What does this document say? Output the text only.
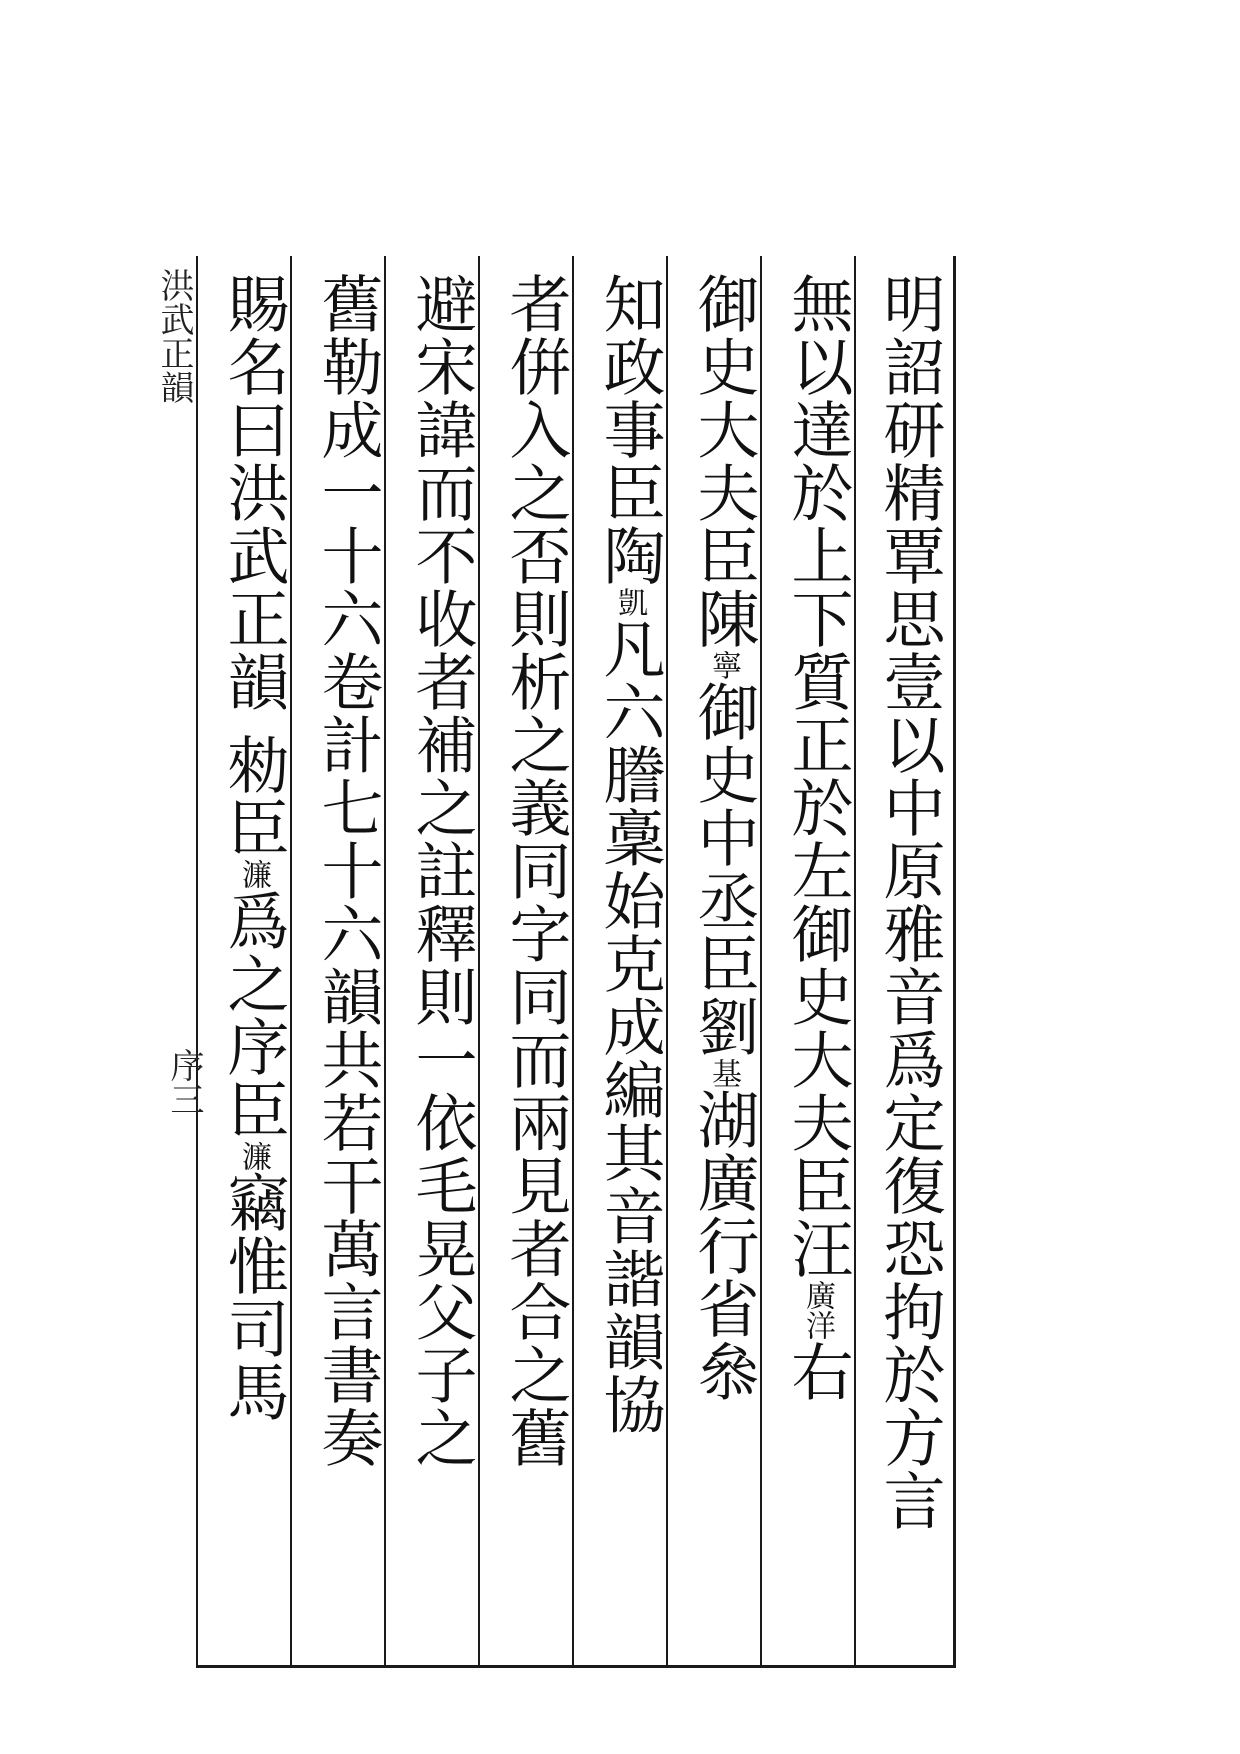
明詔研精覃思壹以中原雅音爲定復恐拘於方言
無以達於上下質正於左御史大夫臣汪廣洋右
御史大夫臣陳寧御史中丞臣劉基湖廣行省叅
知政事臣陶凱凡六謄稾始克成編其音諧韻協
者倂入之否則析之義同字同而兩見者合之舊
避宋諱而不收者補之註釋則一依毛晃父子之
舊勒成一十六卷計七十六韻共若干萬言書奏
賜名曰洪武正韻勑臣濂爲之序臣濂竊惟司馬
洪武正韻
序三
